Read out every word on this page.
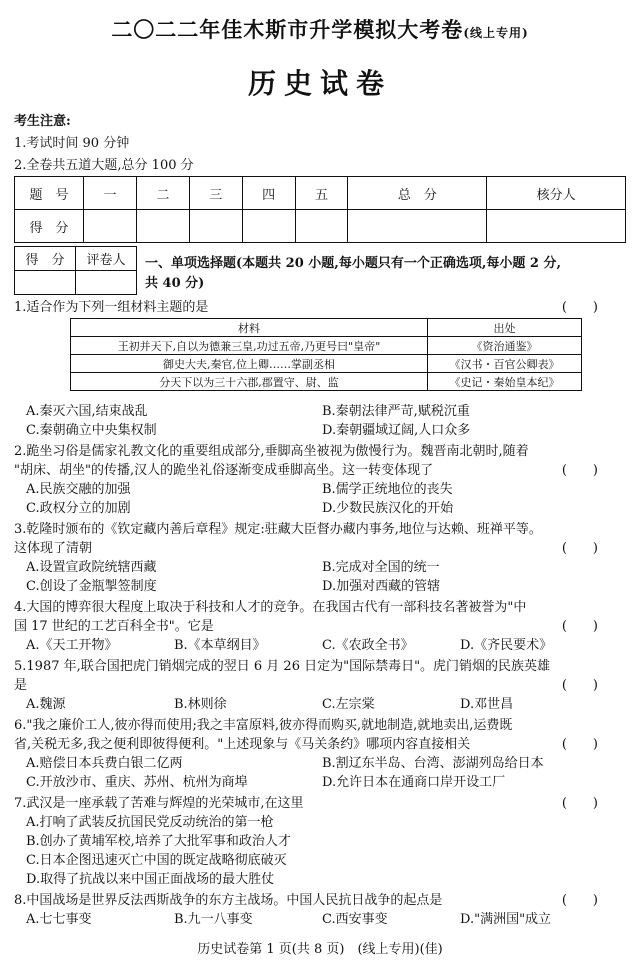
二〇二二年佳木斯市升学模拟大考卷(线上专用)
历史试卷
考生注意:
1.考试时间 90 分钟
2.全卷共五道大题,总分 100 分
题　号	一	二	三	四	五	总　分	核分人
得　分							
得　分	评卷人
	一、单项选择题(本题共 20 小题,每小题只有一个正确选项,每小题 2 分,
共 40 分)
1.适合作为下列一组材料主题的是	(　　)
材料	出处
王初并天下,自以为德兼三皇,功过五帝,乃更号曰"皇帝"	《资治通鉴》
御史大夫,秦官,位上卿……掌副丞相	《汉书・百官公卿表》
分天下以为三十六郡,郡置守、尉、监	《史记・秦始皇本纪》
A.秦灭六国,结束战乱	B.秦朝法律严苛,赋税沉重
C.秦朝确立中央集权制	D.秦朝疆域辽阔,人口众多
2.跪坐习俗是儒家礼教文化的重要组成部分,垂脚高坐被视为傲慢行为。魏晋南北朝时,随着
"胡床、胡坐"的传播,汉人的跪坐礼俗逐渐变成垂脚高坐。这一转变体现了	(　　)
A.民族交融的加强	B.儒学正统地位的丧失
C.政权分立的加剧	D.少数民族汉化的开始
3.乾隆时颁布的《钦定藏内善后章程》规定:驻藏大臣督办藏内事务,地位与达赖、班禅平等。
这体现了清朝	(　　)
A.设置宣政院统辖西藏	B.完成对全国的统一
C.创设了金瓶掣签制度	D.加强对西藏的管辖
4.大国的博弈很大程度上取决于科技和人才的竞争。在我国古代有一部科技名著被誉为"中
国 17 世纪的工艺百科全书"。它是	(　　)
A.《天工开物》	B.《本草纲目》	C.《农政全书》	D.《齐民要术》
5.1987 年,联合国把虎门销烟完成的翌日 6 月 26 日定为"国际禁毒日"。虎门销烟的民族英雄
是	(　　)
A.魏源	B.林则徐	C.左宗棠	D.邓世昌
6."我之廉价工人,彼亦得而使用;我之丰富原料,彼亦得而购买,就地制造,就地卖出,运费既
省,关税无多,我之便利即彼得便利。"上述现象与《马关条约》哪项内容直接相关	(　　)
A.赔偿日本兵费白银二亿两	B.割辽东半岛、台湾、澎湖列岛给日本
C.开放沙市、重庆、苏州、杭州为商埠	D.允许日本在通商口岸开设工厂
7.武汉是一座承载了苦难与辉煌的光荣城市,在这里	(　　)
A.打响了武装反抗国民党反动统治的第一枪
B.创办了黄埔军校,培养了大批军事和政治人才
C.日本企图迅速灭亡中国的既定战略彻底破灭
D.取得了抗战以来中国正面战场的最大胜仗
8.中国战场是世界反法西斯战争的东方主战场。中国人民抗日战争的起点是	(　　)
A.七七事变	B.九一八事变	C.西安事变	D."满洲国"成立
历史试卷第 1 页(共 8 页)　(线上专用)(佳)
